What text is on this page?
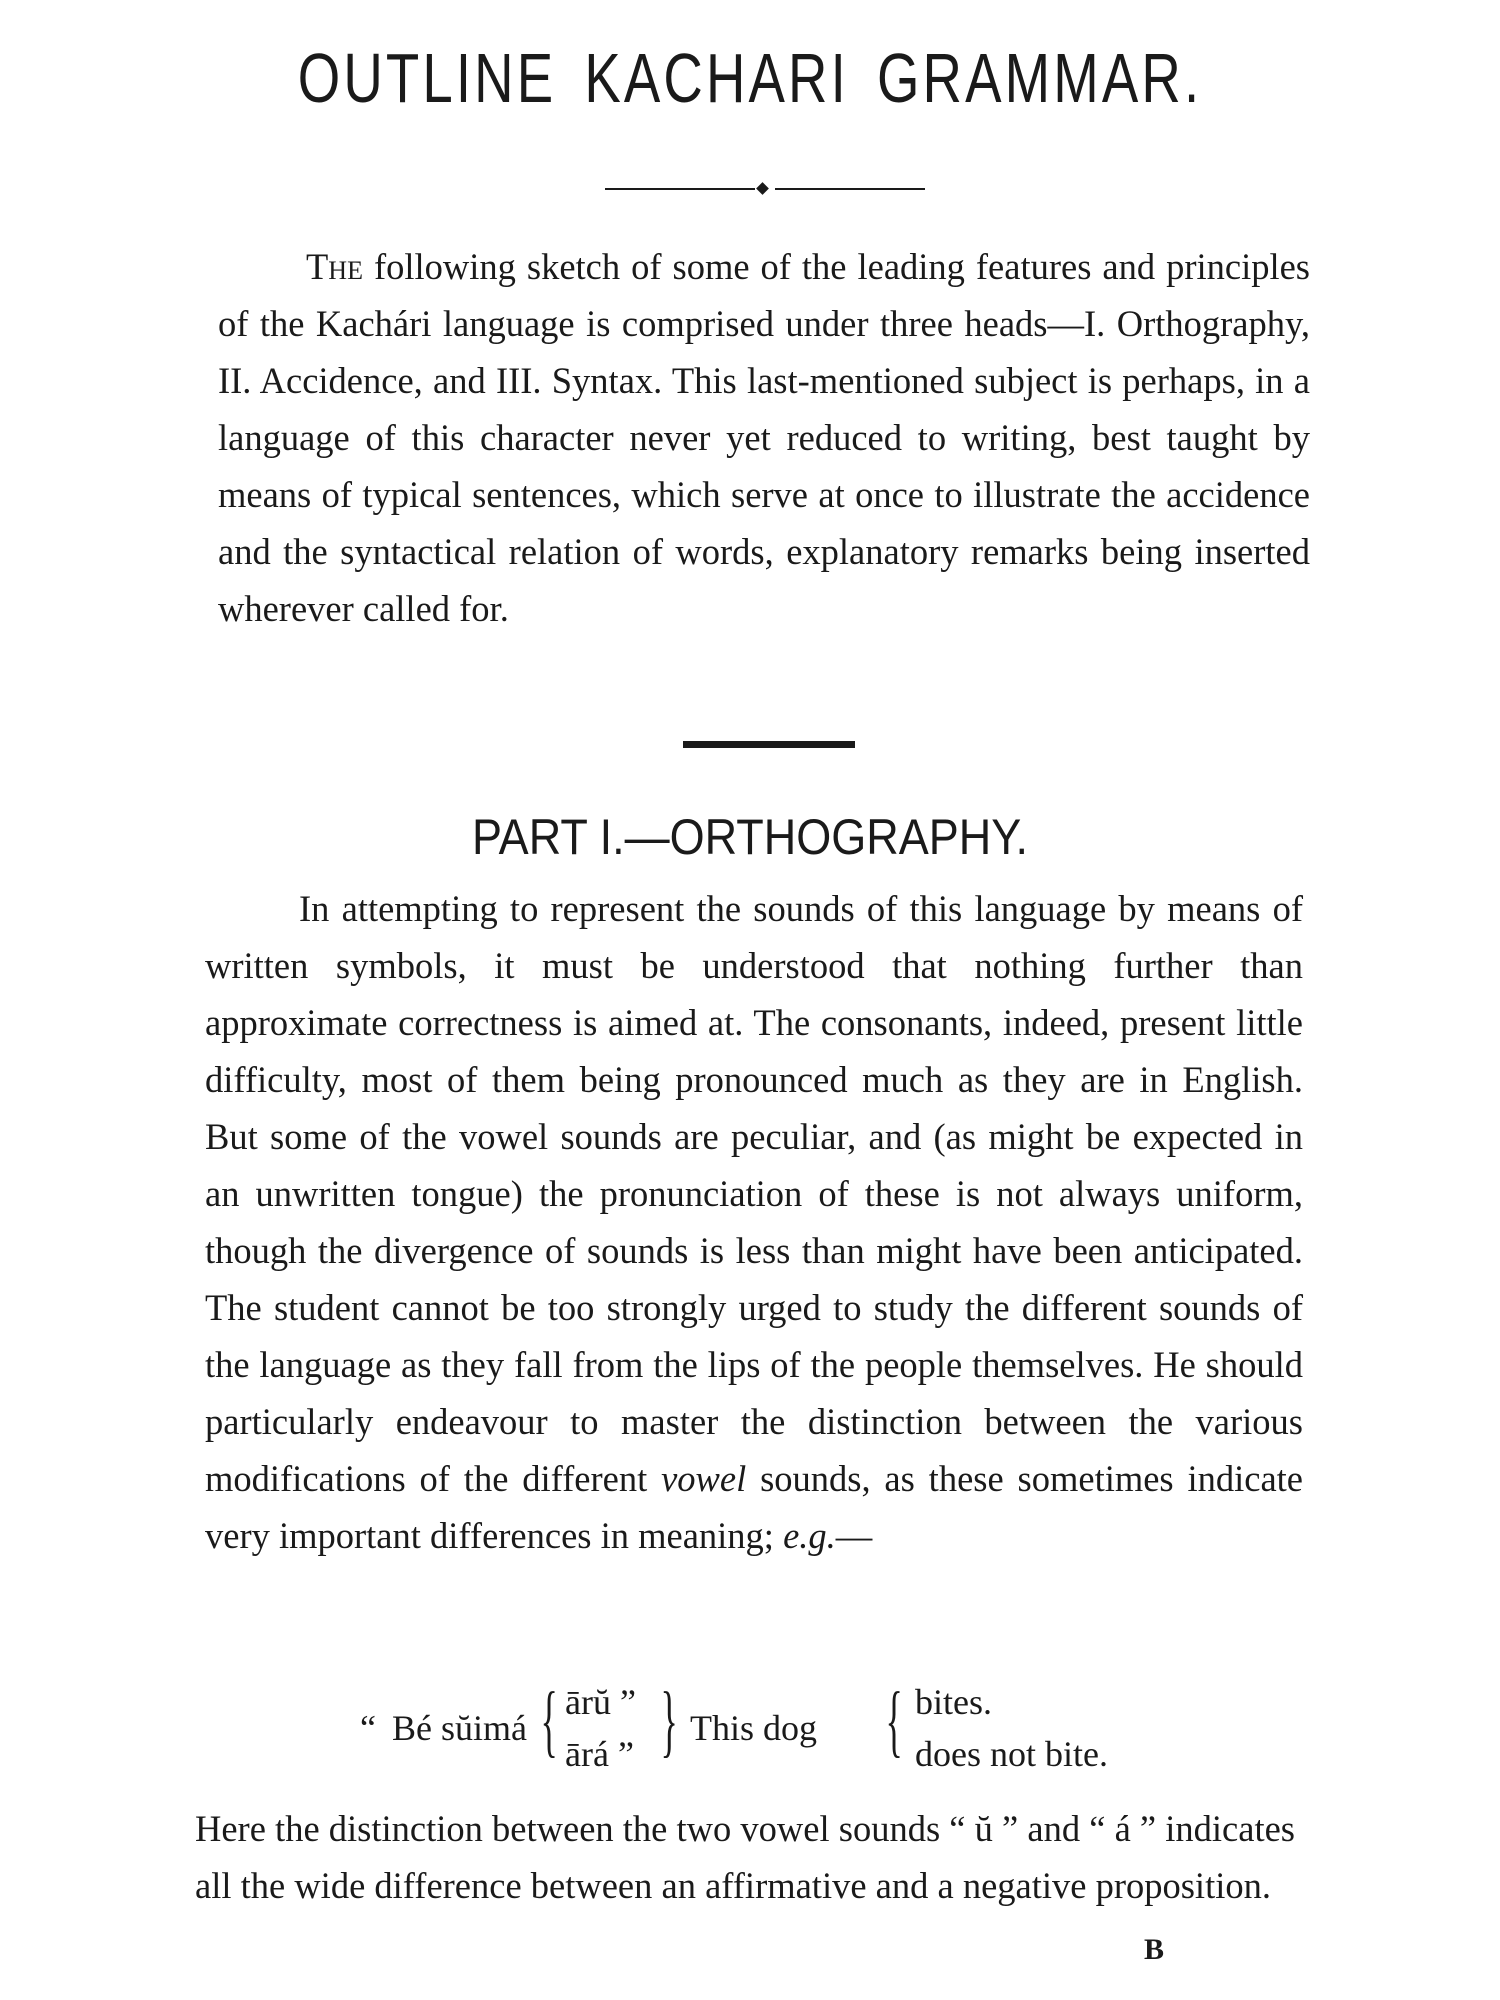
OUTLINE KACHARI GRAMMAR.

The following sketch of some of the leading features and principles of the Kachári language is comprised under three heads—I. Orthography, II. Accidence, and III. Syntax. This last-mentioned subject is perhaps, in a language of this character never yet reduced to writing, best taught by means of typical sentences, which serve at once to illustrate the accidence and the syntactical relation of words, explanatory remarks being inserted wherever called for.

PART I.—ORTHOGRAPHY.

In attempting to represent the sounds of this language by means of written symbols, it must be understood that nothing further than approximate correctness is aimed at. The consonants, indeed, present little difficulty, most of them being pronounced much as they are in English. But some of the vowel sounds are peculiar, and (as might be expected in an unwritten tongue) the pronunciation of these is not always uniform, though the divergence of sounds is less than might have been anticipated. The student cannot be too strongly urged to study the different sounds of the language as they fall from the lips of the people themselves. He should particularly endeavour to master the distinction between the various modifications of the different vowel sounds, as these sometimes indicate very important differences in meaning; e.g.—

“ Bé sŭimá { ārŭ ”
ārá ” } This dog { bites.
does not bite.

Here the distinction between the two vowel sounds “ ŭ ” and “ á ” indicates all the wide difference between an affirmative and a negative proposition.

B
